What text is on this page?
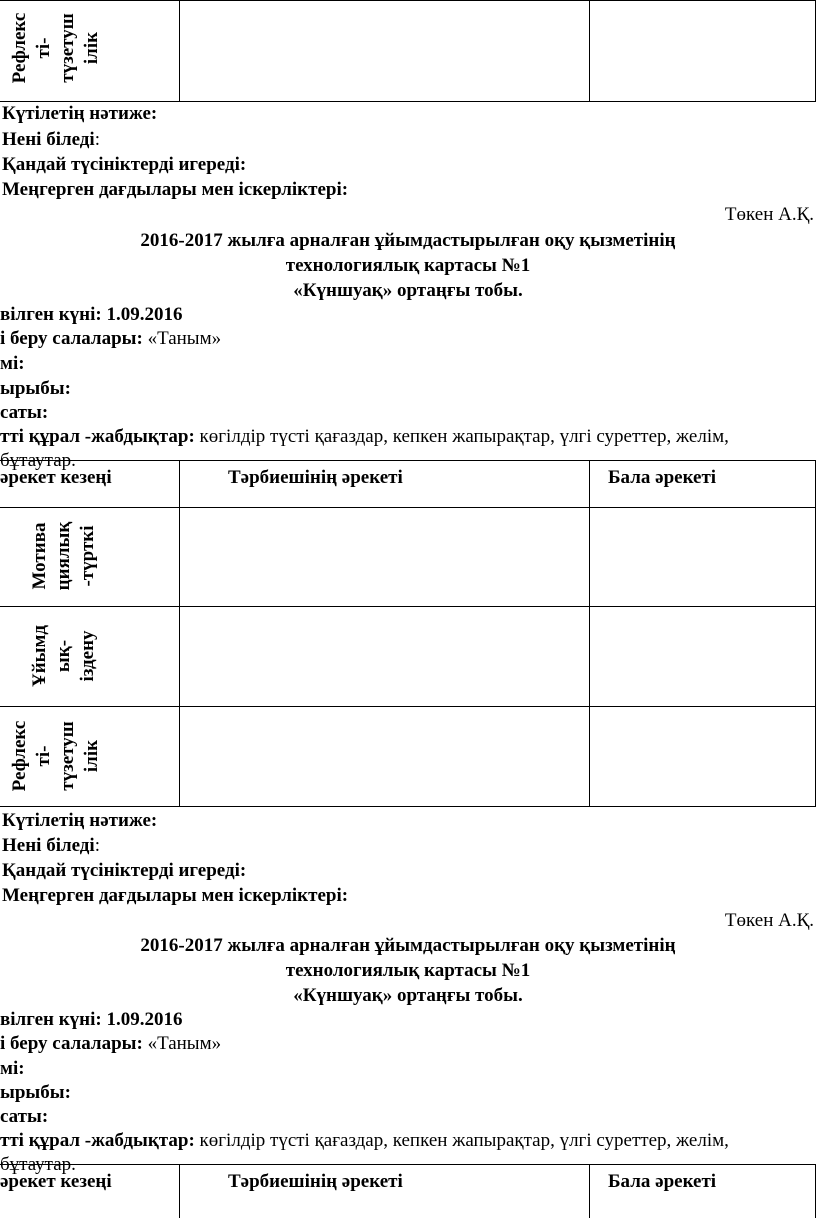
Рефлекс ті- түзетуш ілік
Күтілетің нәтиже:
Нені біледі:
Қандай түсініктерді игереді:
Меңгерген дағдылары мен іскерліктері:
Төкен А.Қ.
2016-2017 жылға арналған ұйымдастырылған оқу қызметінің
технологиялық картасы №1
«Күншуақ» ортаңғы тобы.
вілген күні: 1.09.2016
і беру салалары: «Таным»
мі:
ырыбы:
саты:
тті құрал -жабдықтар: көгілдір түсті қағаздар, кепкен жапырақтар, үлгі суреттер, желім,
бұтаутар.
әрекет кезеңі	Тәрбиешінің әрекеті	Бала әрекеті
Мотива циялық -түрткі
Ұйымд ық- іздену
Рефлекс ті- түзетуш ілік
Күтілетің нәтиже:
Нені біледі:
Қандай түсініктерді игереді:
Меңгерген дағдылары мен іскерліктері:
Төкен А.Қ.
2016-2017 жылға арналған ұйымдастырылған оқу қызметінің
технологиялық картасы №1
«Күншуақ» ортаңғы тобы.
вілген күні: 1.09.2016
і беру салалары: «Таным»
мі:
ырыбы:
саты:
тті құрал -жабдықтар: көгілдір түсті қағаздар, кепкен жапырақтар, үлгі суреттер, желім,
бұтаутар.
әрекет кезеңі	Тәрбиешінің әрекеті	Бала әрекеті
